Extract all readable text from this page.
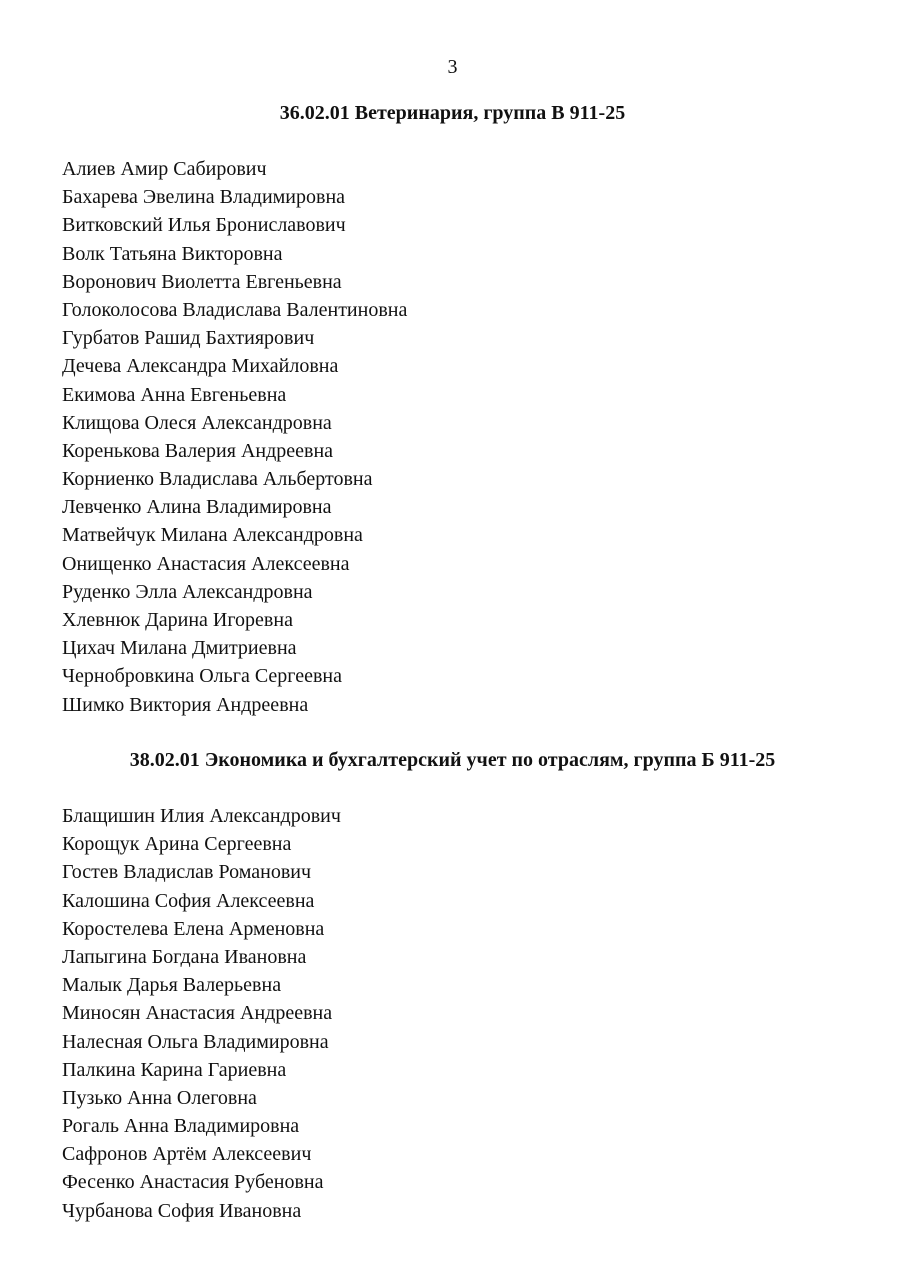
3
36.02.01 Ветеринария, группа В 911-25
Алиев Амир Сабирович
Бахарева Эвелина Владимировна
Витковский Илья Брониславович
Волк Татьяна Викторовна
Воронович Виолетта Евгеньевна
Голоколосова Владислава Валентиновна
Гурбатов Рашид Бахтиярович
Дечева Александра Михайловна
Екимова Анна Евгеньевна
Клищова Олеся Александровна
Коренькова Валерия Андреевна
Корниенко Владислава Альбертовна
Левченко Алина Владимировна
Матвейчук Милана Александровна
Онищенко Анастасия Алексеевна
Руденко Элла Александровна
Хлевнюк Дарина Игоревна
Цихач Милана Дмитриевна
Чернобровкина Ольга Сергеевна
Шимко Виктория Андреевна
38.02.01 Экономика и бухгалтерский учет по отраслям, группа Б 911-25
Блащишин Илия Александрович
Корощук Арина Сергеевна
Гостев Владислав Романович
Калошина София Алексеевна
Коростелева Елена Арменовна
Лапыгина Богдана Ивановна
Малык Дарья Валерьевна
Миносян Анастасия Андреевна
Налесная Ольга Владимировна
Палкина Карина Гариевна
Пузько Анна Олеговна
Рогаль Анна Владимировна
Сафронов Артём Алексеевич
Фесенко Анастасия Рубеновна
Чурбанова София Ивановна
